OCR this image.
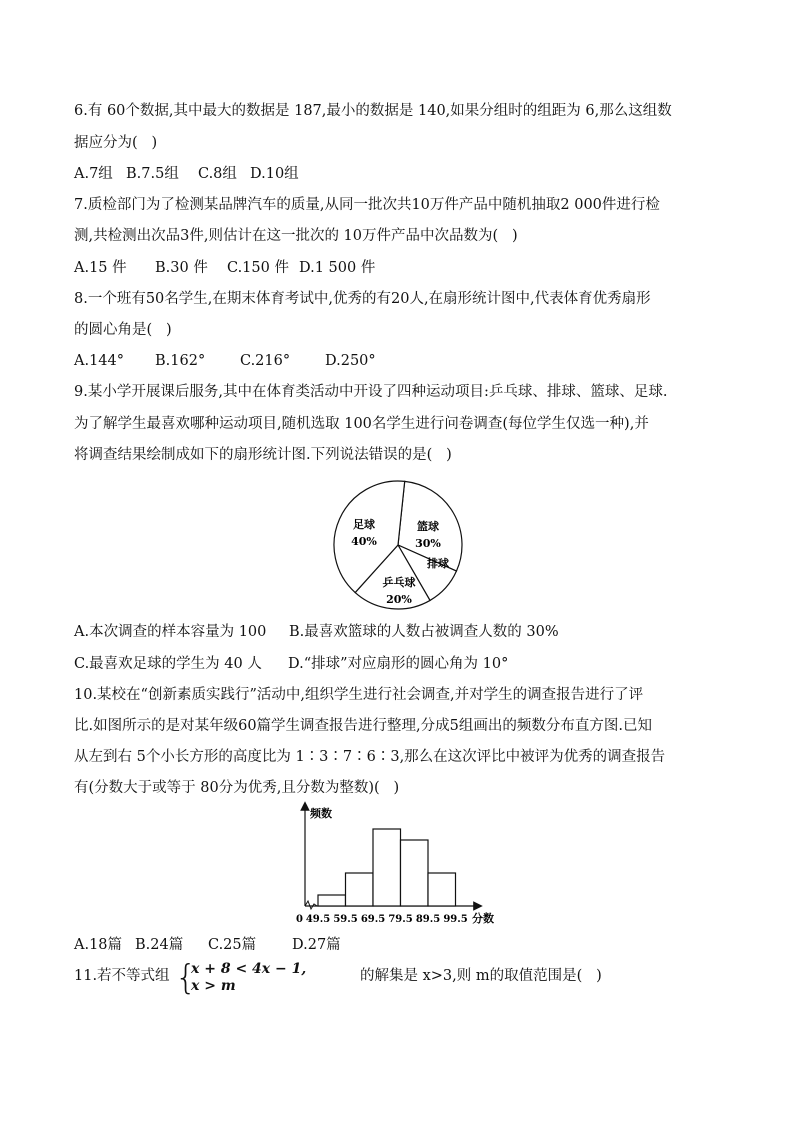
6.有 60个数据,其中最大的数据是 187,最小的数据是 140,如果分组时的组距为 6,那么这组数
据应分为(   )
A.7组 B.7.5组 C.8组 D.10组
7.质检部门为了检测某品牌汽车的质量,从同一批次共10万件产品中随机抽取2 000件进行检
测,共检测出次品3件,则估计在这一批次的 10万件产品中次品数为(   )
A.15 件 B.30 件 C.150 件 D.1 500 件
8.一个班有50名学生,在期末体育考试中,优秀的有20人,在扇形统计图中,代表体育优秀扇形
的圆心角是(   )
A.144° B.162° C.216° D.250°
9.某小学开展课后服务,其中在体育类活动中开设了四种运动项目:乒乓球、排球、篮球、足球.
为了解学生最喜欢哪种运动项目,随机选取 100名学生进行问卷调查(每位学生仅选一种),并
将调查结果绘制成如下的扇形统计图.下列说法错误的是(   )
篮球
30%
排球
乒乓球
20%
足球
40%
A.本次调查的样本容量为 100 B.最喜欢篮球的人数占被调查人数的 30%
C.最喜欢足球的学生为 40 人 D.“排球”对应扇形的圆心角为 10°
10.某校在“创新素质实践行”活动中,组织学生进行社会调查,并对学生的调查报告进行了评
比.如图所示的是对某年级60篇学生调查报告进行整理,分成5组画出的频数分布直方图.已知
从左到右 5个小长方形的高度比为 1∶3∶7∶6∶3,那么在这次评比中被评为优秀的调查报告
有(分数大于或等于 80分为优秀,且分数为整数)(   )
频数
分数
0 49.5 59.5 69.5 79.5 89.5 99.5
A.18篇 B.24篇 C.25篇 D.27篇
11.若不等式组 {
x + 8 < 4x − 1,
x > m
的解集是 x>3,则 m的取值范围是(   )
